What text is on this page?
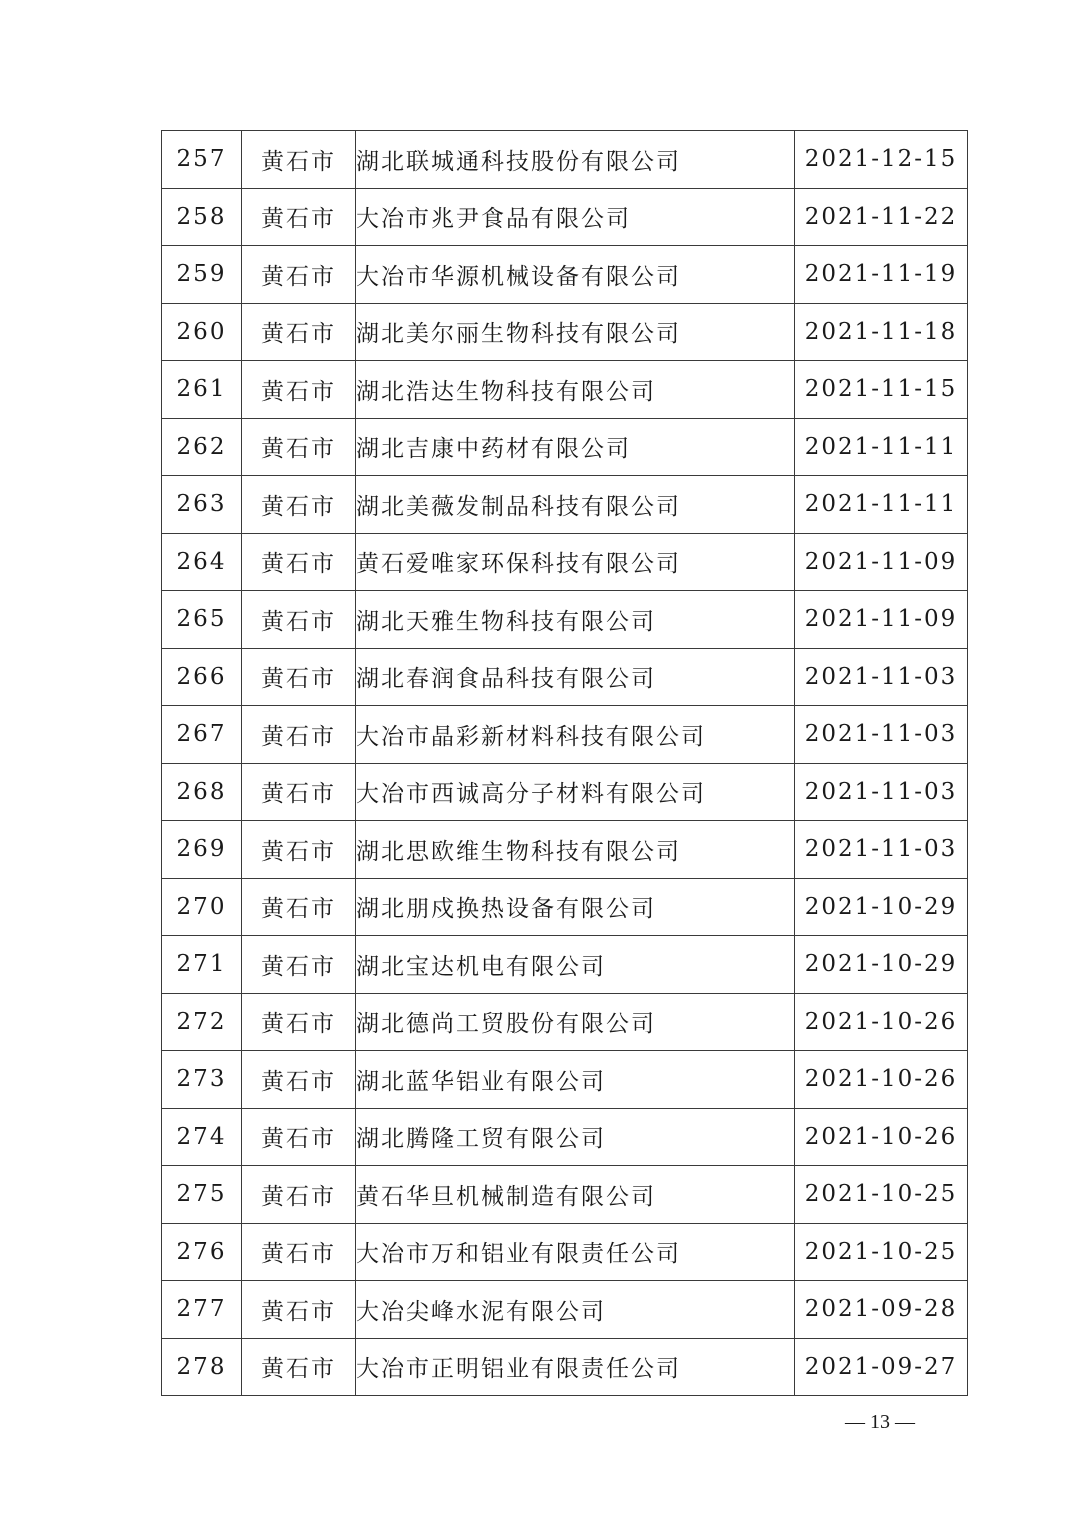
257	黄石市	湖北联城通科技股份有限公司	2021-12-15
258	黄石市	大冶市兆尹食品有限公司	2021-11-22
259	黄石市	大冶市华源机械设备有限公司	2021-11-19
260	黄石市	湖北美尔丽生物科技有限公司	2021-11-18
261	黄石市	湖北浩达生物科技有限公司	2021-11-15
262	黄石市	湖北吉康中药材有限公司	2021-11-11
263	黄石市	湖北美薇发制品科技有限公司	2021-11-11
264	黄石市	黄石爱唯家环保科技有限公司	2021-11-09
265	黄石市	湖北天雅生物科技有限公司	2021-11-09
266	黄石市	湖北春润食品科技有限公司	2021-11-03
267	黄石市	大冶市晶彩新材料科技有限公司	2021-11-03
268	黄石市	大冶市西诚高分子材料有限公司	2021-11-03
269	黄石市	湖北思欧维生物科技有限公司	2021-11-03
270	黄石市	湖北朋戍换热设备有限公司	2021-10-29
271	黄石市	湖北宝达机电有限公司	2021-10-29
272	黄石市	湖北德尚工贸股份有限公司	2021-10-26
273	黄石市	湖北蓝华铝业有限公司	2021-10-26
274	黄石市	湖北腾隆工贸有限公司	2021-10-26
275	黄石市	黄石华旦机械制造有限公司	2021-10-25
276	黄石市	大冶市万和铝业有限责任公司	2021-10-25
277	黄石市	大冶尖峰水泥有限公司	2021-09-28
278	黄石市	大冶市正明铝业有限责任公司	2021-09-27
— 13 —
